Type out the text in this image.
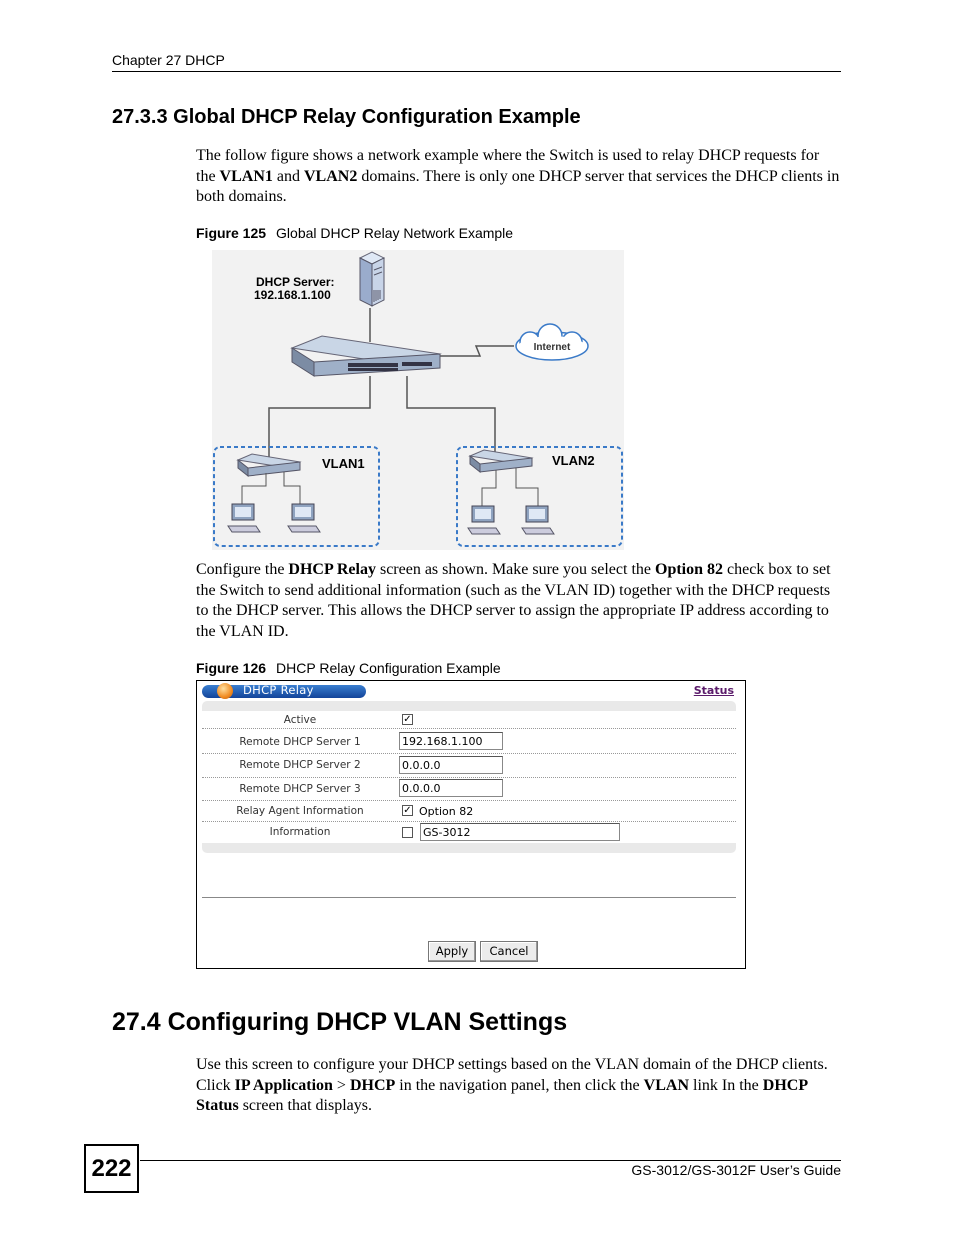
Chapter 27 DHCP
27.3.3 Global DHCP Relay Configuration Example
The follow figure shows a network example where the Switch is used to relay DHCP requests for the VLAN1 and VLAN2 domains. There is only one DHCP server that services the DHCP clients in both domains.
Figure 125 Global DHCP Relay Network Example
DHCP Server:
192.168.1.100
Internet
VLAN1	VLAN2
Configure the DHCP Relay screen as shown. Make sure you select the Option 82 check box to set the Switch to send additional information (such as the VLAN ID) together with the DHCP requests to the DHCP server. This allows the DHCP server to assign the appropriate IP address according to the VLAN ID.
Figure 126 DHCP Relay Configuration Example
DHCP Relay	Status
Active	✓
Remote DHCP Server 1	192.168.1.100
Remote DHCP Server 2	0.0.0.0
Remote DHCP Server 3	0.0.0.0
Relay Agent Information	✓ Option 82
Information	GS-3012
Apply	Cancel
27.4 Configuring DHCP VLAN Settings
Use this screen to configure your DHCP settings based on the VLAN domain of the DHCP clients. Click IP Application > DHCP in the navigation panel, then click the VLAN link In the DHCP Status screen that displays.
222	GS-3012/GS-3012F User’s Guide
